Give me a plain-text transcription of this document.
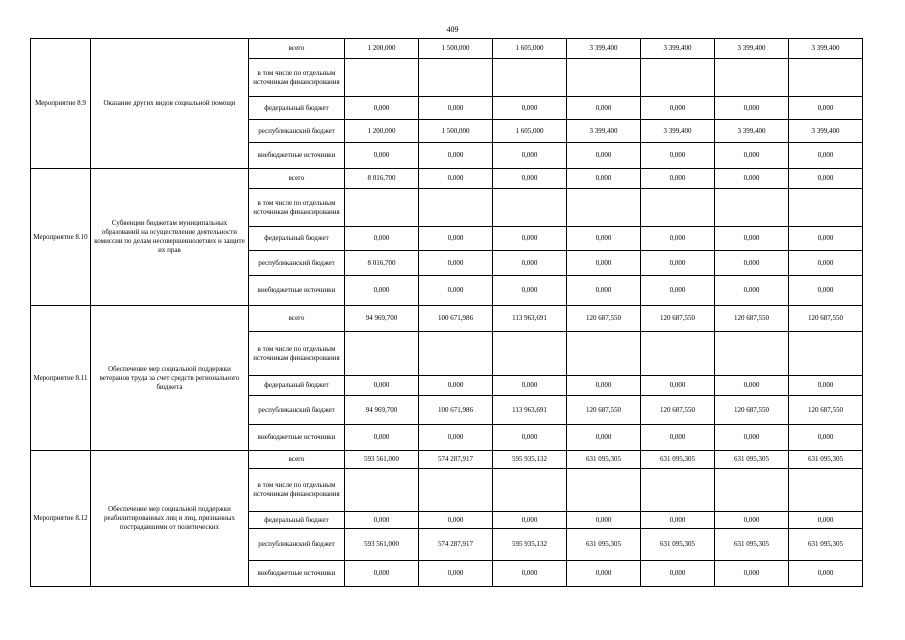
409
Мероприятие 8.9	Оказание других видов социальной помощи	всего	1 200,000	1 500,000	1 605,000	3 399,400	3 399,400	3 399,400	3 399,400
		в том числе по отдельным источникам финансирования							
		федеральный бюджет	0,000	0,000	0,000	0,000	0,000	0,000	0,000
		республиканский бюджет	1 200,000	1 500,000	1 605,000	3 399,400	3 399,400	3 399,400	3 399,400
		внебюджетные источники	0,000	0,000	0,000	0,000	0,000	0,000	0,000
Мероприятие 8.10	Субвенции бюджетам муниципальных образований на осуществление деятельности комиссии по делам несовершеннолетних и защите их прав	всего	8 016,700	0,000	0,000	0,000	0,000	0,000	0,000
		в том числе по отдельным источникам финансирования							
		федеральный бюджет	0,000	0,000	0,000	0,000	0,000	0,000	0,000
		республиканский бюджет	8 016,700	0,000	0,000	0,000	0,000	0,000	0,000
		внебюджетные источники	0,000	0,000	0,000	0,000	0,000	0,000	0,000
Мероприятие 8.11	Обеспечение мер социальной поддержки ветеранов труда за счет средств регионального бюджета	всего	94 969,700	100 671,986	113 963,691	120 687,550	120 687,550	120 687,550	120 687,550
		в том числе по отдельным источникам финансирования							
		федеральный бюджет	0,000	0,000	0,000	0,000	0,000	0,000	0,000
		республиканский бюджет	94 969,700	100 671,986	113 963,691	120 687,550	120 687,550	120 687,550	120 687,550
		внебюджетные источники	0,000	0,000	0,000	0,000	0,000	0,000	0,000
Мероприятие 8.12	Обеспечение мер социальной поддержки реабилитированных лиц и лиц, признанных пострадавшими от политических	всего	593 561,000	574 287,917	595 935,132	631 095,305	631 095,305	631 095,305	631 095,305
		в том числе по отдельным источникам финансирования							
		федеральный бюджет	0,000	0,000	0,000	0,000	0,000	0,000	0,000
		республиканский бюджет	593 561,000	574 287,917	595 935,132	631 095,305	631 095,305	631 095,305	631 095,305
		внебюджетные источники	0,000	0,000	0,000	0,000	0,000	0,000	0,000
